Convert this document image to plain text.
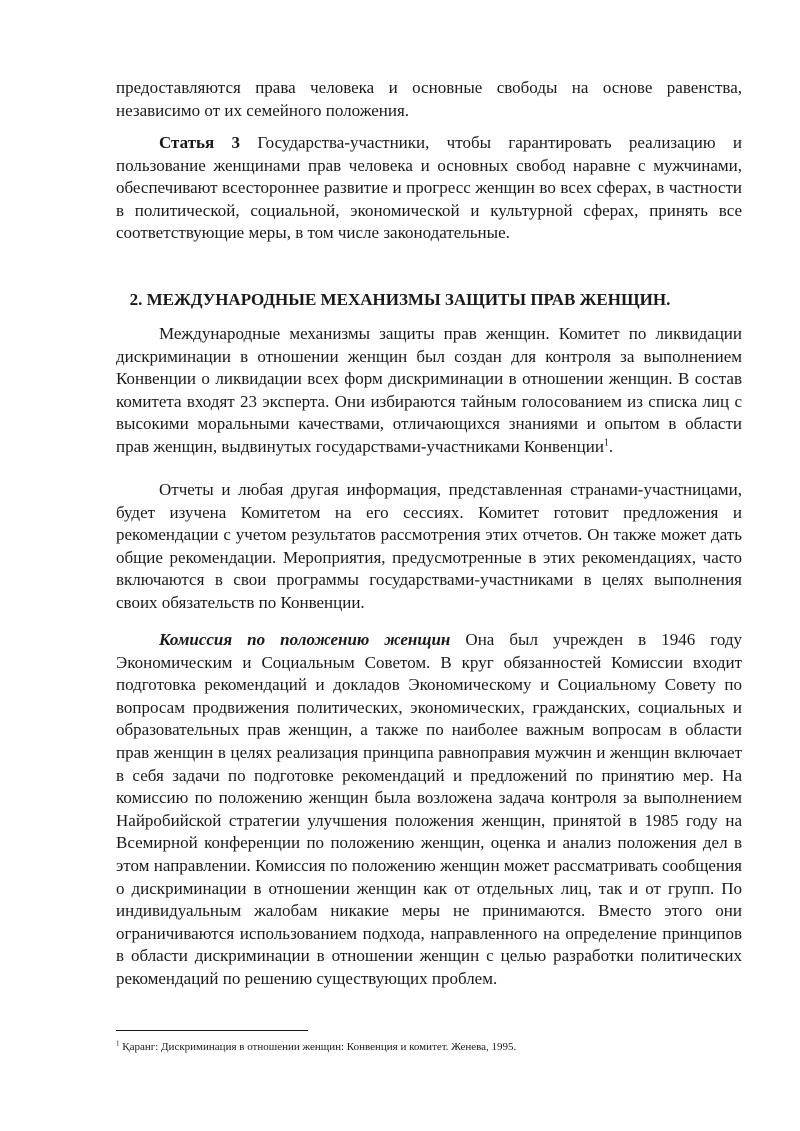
предоставляются права человека и основные свободы на основе равенства, независимо от их семейного положения.

Статья 3 Государства-участники, чтобы гарантировать реализацию и пользование женщинами прав человека и основных свобод наравне с мужчинами, обеспечивают всестороннее развитие и прогресс женщин во всех сферах, в частности в политической, социальной, экономической и культурной сферах, принять все соответствующие меры, в том числе законодательные.

2. МЕЖДУНАРОДНЫЕ МЕХАНИЗМЫ ЗАЩИТЫ ПРАВ ЖЕНЩИН.

Международные механизмы защиты прав женщин. Комитет по ликвидации дискриминации в отношении женщин был создан для контроля за выполнением Конвенции о ликвидации всех форм дискриминации в отношении женщин. В состав комитета входят 23 эксперта. Они избираются тайным голосованием из списка лиц с высокими моральными качествами, отличающихся знаниями и опытом в области прав женщин, выдвинутых государствами-участниками Конвенции$^1$.

Отчеты и любая другая информация, представленная странами-участницами, будет изучена Комитетом на его сессиях. Комитет готовит предложения и рекомендации с учетом результатов рассмотрения этих отчетов. Он также может дать общие рекомендации. Мероприятия, предусмотренные в этих рекомендациях, часто включаются в свои программы государствами-участниками в целях выполнения своих обязательств по Конвенции.

Комиссия по положению женщин Она был учрежден в 1946 году Экономическим и Социальным Советом. В круг обязанностей Комиссии входит подготовка рекомендаций и докладов Экономическому и Социальному Совету по вопросам продвижения политических, экономических, гражданских, социальных и образовательных прав женщин, а также по наиболее важным вопросам в области прав женщин в целях реализация принципа равноправия мужчин и женщин включает в себя задачи по подготовке рекомендаций и предложений по принятию мер. На комиссию по положению женщин была возложена задача контроля за выполнением Найробийской стратегии улучшения положения женщин, принятой в 1985 году на Всемирной конференции по положению женщин, оценка и анализ положения дел в этом направлении. Комиссия по положению женщин может рассматривать сообщения о дискриминации в отношении женщин как от отдельных лиц, так и от групп. По индивидуальным жалобам никакие меры не принимаются. Вместо этого они ограничиваются использованием подхода, направленного на определение принципов в области дискриминации в отношении женщин с целью разработки политических рекомендаций по решению существующих проблем.

$^1$ Қаранг: Дискриминация в отношении женщин: Конвенция и комитет. Женева, 1995.
